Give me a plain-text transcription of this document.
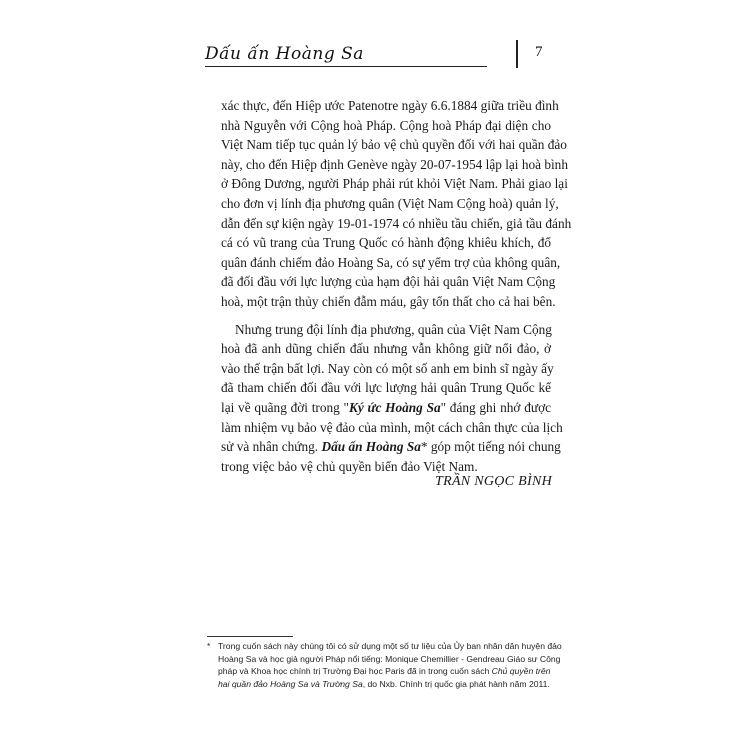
Dấu ấn Hoàng Sa	7
xác thực, đến Hiệp ước Patenotre ngày 6.6.1884 giữa triều đình
nhà Nguyễn với Cộng hoà Pháp. Cộng hoà Pháp đại diện cho
Việt Nam tiếp tục quản lý bảo vệ chủ quyền đối với hai quần đảo
này, cho đến Hiệp định Genève ngày 20-07-1954 lập lại hoà bình
ở Đông Dương, người Pháp phải rút khỏi Việt Nam. Phải giao lại
cho đơn vị lính địa phương quân (Việt Nam Cộng hoà) quản lý,
dẫn đến sự kiện ngày 19-01-1974 có nhiều tầu chiến, giả tầu đánh
cá có vũ trang của Trung Quốc có hành động khiêu khích, đổ
quân đánh chiếm đảo Hoàng Sa, có sự yểm trợ của không quân,
đã đối đầu với lực lượng của hạm đội hải quân Việt Nam Cộng
hoà, một trận thủy chiến đẫm máu, gây tổn thất cho cả hai bên.
Nhưng trung đội lính địa phương, quân của Việt Nam Cộng
hoà đã anh dũng chiến đấu nhưng vẫn không giữ nổi đảo, ở
vào thế trận bất lợi. Nay còn có một số anh em binh sĩ ngày ấy
đã tham chiến đối đầu với lực lượng hải quân Trung Quốc kể
lại về quãng đời trong "Ký ức Hoàng Sa" đáng ghi nhớ được
làm nhiệm vụ bảo vệ đảo của mình, một cách chân thực của lịch
sử và nhân chứng. Dấu ấn Hoàng Sa* góp một tiếng nói chung
trong việc bảo vệ chủ quyền biển đảo Việt Nam.
TRẦN NGỌC BÌNH
* Trong cuốn sách này chúng tôi có sử dụng một số tư liệu của Ủy ban nhân dân huyện đảo
Hoàng Sa và học giả người Pháp nổi tiếng: Monique Chemillier - Gendreau Giáo sư Công
pháp và Khoa học chính trị Trường Đại học Paris đã in trong cuốn sách Chủ quyền trên
hai quần đảo Hoàng Sa và Trường Sa, do Nxb. Chính trị quốc gia phát hành năm 2011.
